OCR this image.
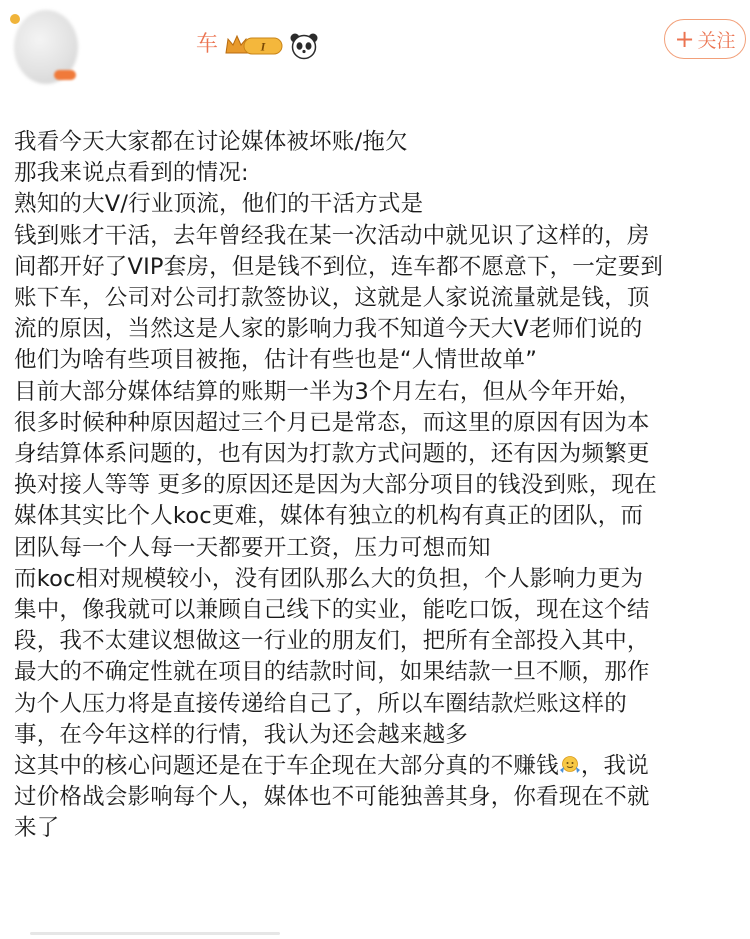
车	I	+ 关注

我看今天大家都在讨论媒体被坏账/拖欠

那我来说点看到的情况:

熟知的大V/行业顶流，他们的干活方式是

钱到账才干活，去年曾经我在某一次活动中就见识了这样的，房

间都开好了VIP套房，但是钱不到位，连车都不愿意下，一定要到

账下车，公司对公司打款签协议，这就是人家说流量就是钱，顶

流的原因，当然这是人家的影响力我不知道今天大V老师们说的

他们为啥有些项目被拖，估计有些也是“人情世故单”

目前大部分媒体结算的账期一半为3个月左右，但从今年开始，

很多时候种种原因超过三个月已是常态，而这里的原因有因为本

身结算体系问题的，也有因为打款方式问题的，还有因为频繁更

换对接人等等 更多的原因还是因为大部分项目的钱没到账，现在

媒体其实比个人koc更难，媒体有独立的机构有真正的团队，而

团队每一个人每一天都要开工资，压力可想而知

而koc相对规模较小，没有团队那么大的负担，个人影响力更为

集中，像我就可以兼顾自己线下的实业，能吃口饭，现在这个结

段，我不太建议想做这一行业的朋友们，把所有全部投入其中，

最大的不确定性就在项目的结款时间，如果结款一旦不顺，那作

为个人压力将是直接传递给自己了，所以车圈结款烂账这样的

事，在今年这样的行情，我认为还会越来越多

这其中的核心问题还是在于车企现在大部分真的不赚钱 ，我说

过价格战会影响每个人，媒体也不可能独善其身，你看现在不就

来了
